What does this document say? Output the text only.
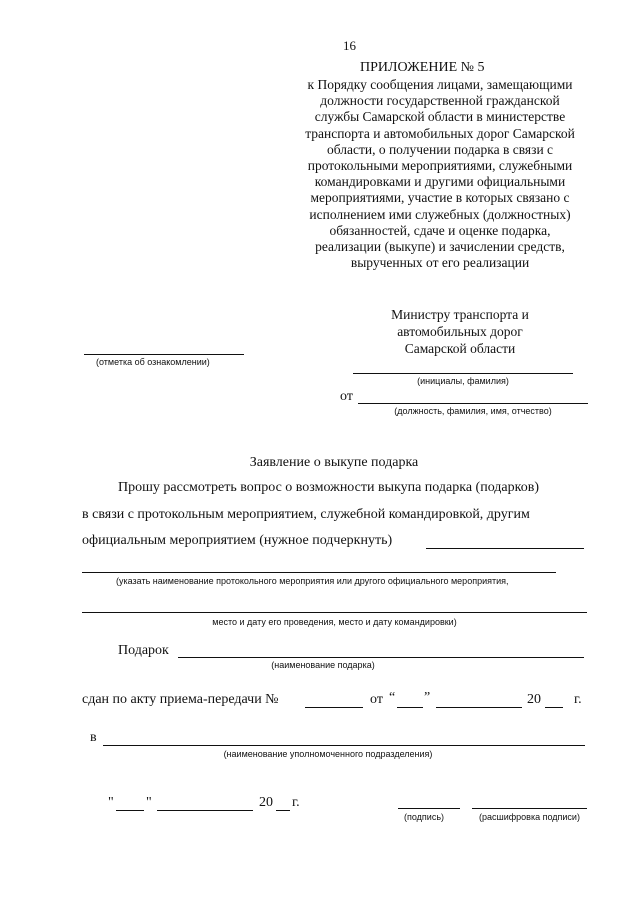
16
ПРИЛОЖЕНИЕ № 5
к Порядку сообщения лицами, замещающими
должности государственной гражданской
службы Самарской области в министерстве
транспорта и автомобильных дорог Самарской
области, о получении подарка в связи с
протокольными мероприятиями, служебными
командировками и другими официальными
мероприятиями, участие в которых связано с
исполнением ими служебных (должностных)
обязанностей, сдаче и оценке подарка,
реализации (выкупе) и зачислении средств,
вырученных от его реализации
Министру транспорта и
автомобильных дорог
Самарской области
(отметка об ознакомлении)
(инициалы, фамилия)
от
(должность, фамилия, имя, отчество)
Заявление о выкупе подарка
Прошу рассмотреть вопрос о возможности выкупа подарка (подарков)
в связи с протокольным мероприятием, служебной командировкой, другим
официальным мероприятием (нужное подчеркнуть)
(указать наименование протокольного мероприятия или другого официального мероприятия,
место и дату его проведения, место и дату командировки)
Подарок
(наименование подарка)
сдан по акту приема-передачи №	от “ ”	20 г.
в
(наименование уполномоченного подразделения)
" "	20 г.
(подпись)	(расшифровка подписи)
